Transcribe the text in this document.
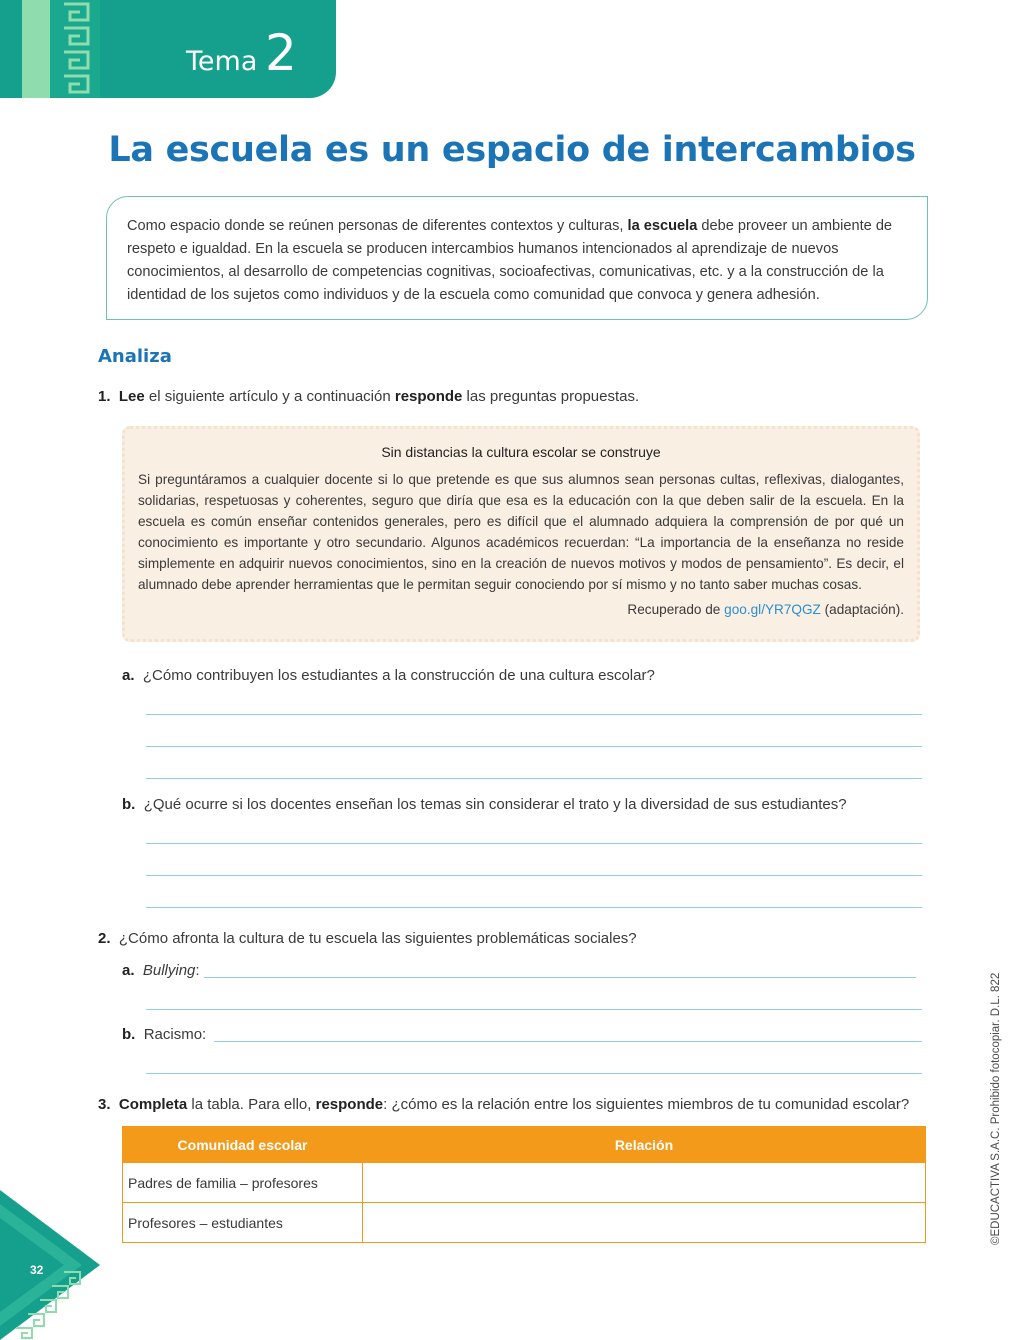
Tema 2
La escuela es un espacio de intercambios
Como espacio donde se reúnen personas de diferentes contextos y culturas, la escuela debe proveer un ambiente de respeto e igualdad. En la escuela se producen intercambios humanos intencionados al aprendizaje de nuevos conocimientos, al desarrollo de competencias cognitivas, socioafectivas, comunicativas, etc. y a la construcción de la identidad de los sujetos como individuos y de la escuela como comunidad que convoca y genera adhesión.
Analiza
1. Lee el siguiente artículo y a continuación responde las preguntas propuestas.
Sin distancias la cultura escolar se construye
Si preguntáramos a cualquier docente si lo que pretende es que sus alumnos sean personas cultas, reflexivas, dialogantes, solidarias, respetuosas y coherentes, seguro que diría que esa es la educación con la que deben salir de la escuela. En la escuela es común enseñar contenidos generales, pero es difícil que el alumnado adquiera la comprensión de por qué un conocimiento es importante y otro secundario. Algunos académicos recuerdan: “La importancia de la enseñanza no reside simplemente en adquirir nuevos conocimientos, sino en la creación de nuevos motivos y modos de pensamiento”. Es decir, el alumnado debe aprender herramientas que le permitan seguir conociendo por sí mismo y no tanto saber muchas cosas.
Recuperado de goo.gl/YR7QGZ (adaptación).
a. ¿Cómo contribuyen los estudiantes a la construcción de una cultura escolar?
b. ¿Qué ocurre si los docentes enseñan los temas sin considerar el trato y la diversidad de sus estudiantes?
2. ¿Cómo afronta la cultura de tu escuela las siguientes problemáticas sociales?
a. Bullying:
b. Racismo:
3. Completa la tabla. Para ello, responde: ¿cómo es la relación entre los siguientes miembros de tu comunidad escolar?
Comunidad escolar	Relación
Padres de familia – profesores	
Profesores – estudiantes		©EDUCACTIVA S.A.C. Prohibido fotocopiar. D.L. 822
32
